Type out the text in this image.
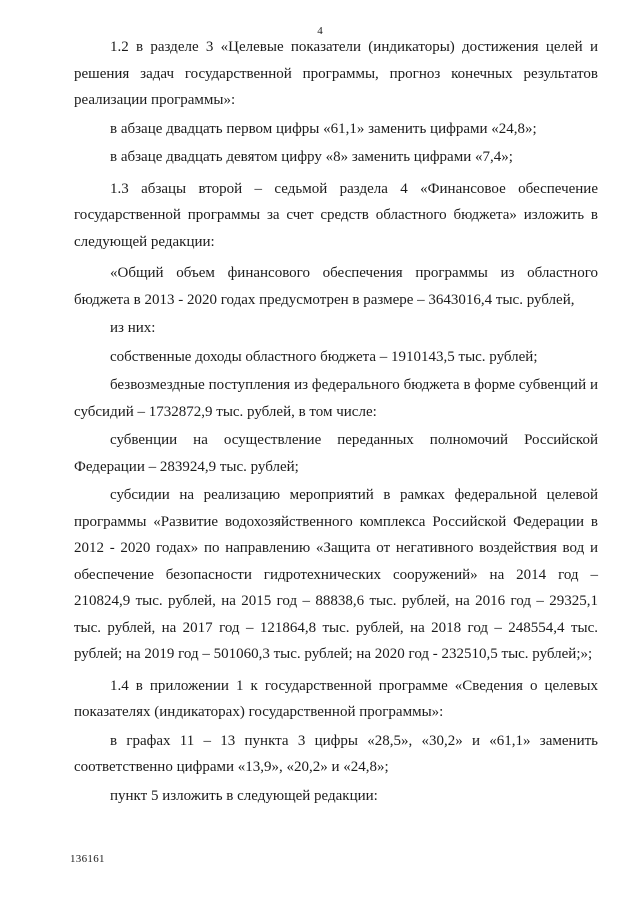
4

1.2 в разделе 3 «Целевые показатели (индикаторы) достижения целей и решения задач государственной программы, прогноз конечных результатов реализации программы»:

в абзаце двадцать первом цифры «61,1» заменить цифрами «24,8»;

в абзаце двадцать девятом цифру «8» заменить цифрами «7,4»;

1.3 абзацы второй – седьмой раздела 4 «Финансовое обеспечение государственной программы за счет средств областного бюджета» изложить в следующей редакции:

«Общий объем финансового обеспечения программы из областного бюджета в 2013 - 2020 годах предусмотрен в размере – 3643016,4 тыс. рублей,

из них:

собственные доходы областного бюджета – 1910143,5 тыс. рублей;

безвозмездные поступления из федерального бюджета в форме субвенций и субсидий – 1732872,9 тыс. рублей, в том числе:

субвенции на осуществление переданных полномочий Российской Федерации – 283924,9 тыс. рублей;

субсидии на реализацию мероприятий в рамках федеральной целевой программы «Развитие водохозяйственного комплекса Российской Федерации в 2012 - 2020 годах» по направлению «Защита от негативного воздействия вод и обеспечение безопасности гидротехнических сооружений» на 2014 год – 210824,9 тыс. рублей, на 2015 год – 88838,6 тыс. рублей, на 2016 год – 29325,1 тыс. рублей, на 2017 год – 121864,8 тыс. рублей, на 2018 год – 248554,4 тыс. рублей; на 2019 год – 501060,3 тыс. рублей; на 2020 год - 232510,5 тыс. рублей;»;

1.4 в приложении 1 к государственной программе «Сведения о целевых показателях (индикаторах) государственной программы»:

в графах 11 – 13 пункта 3 цифры «28,5», «30,2» и «61,1» заменить соответственно цифрами «13,9», «20,2» и «24,8»;

пункт 5 изложить в следующей редакции:

136161
